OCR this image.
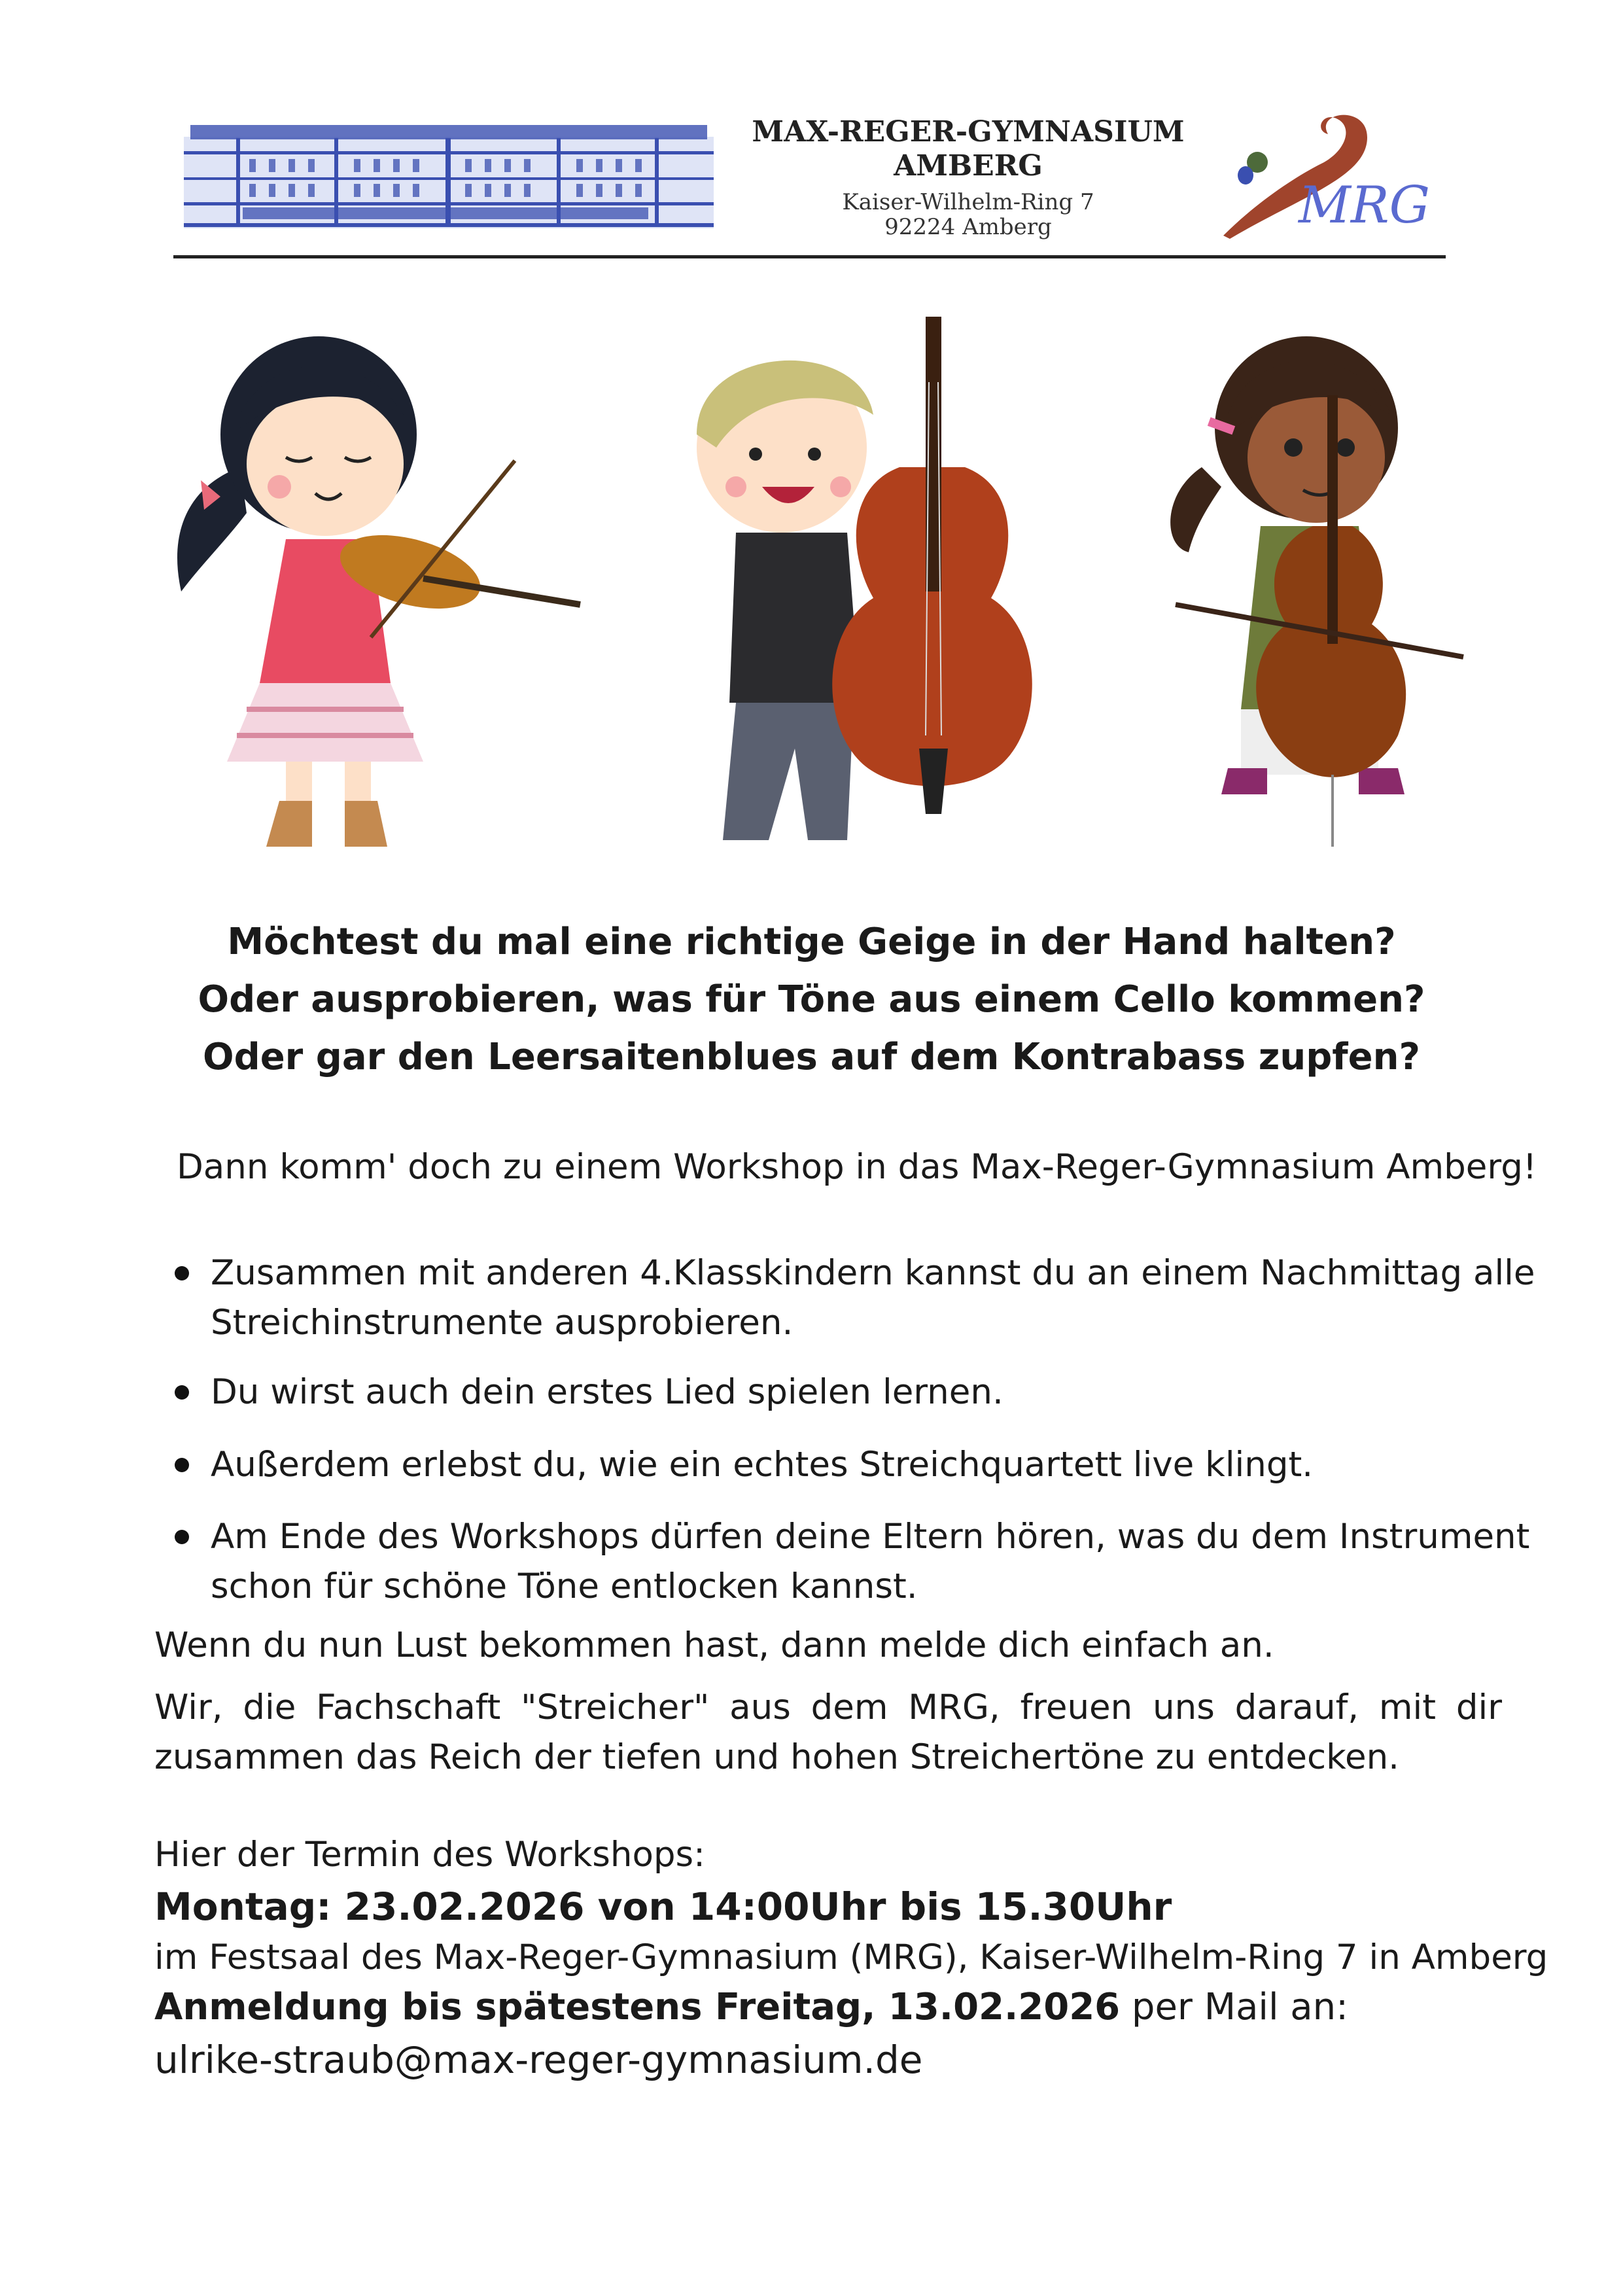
MAX-REGER-GYMNASIUM
AMBERG
Kaiser-Wilhelm-Ring 7
92224 Amberg	MRG
Möchtest du mal eine richtige Geige in der Hand halten?
Oder ausprobieren, was für Töne aus einem Cello kommen?
Oder gar den Leersaitenblues auf dem Kontrabass zupfen?
Dann komm' doch zu einem Workshop in das Max-Reger-Gymnasium Amberg!
Zusammen mit anderen 4.Klasskindern kannst du an einem Nachmittag alle
Streichinstrumente ausprobieren.
Du wirst auch dein erstes Lied spielen lernen.
Außerdem erlebst du, wie ein echtes Streichquartett live klingt.
Am Ende des Workshops dürfen deine Eltern hören, was du dem Instrument
schon für schöne Töne entlocken kannst.
Wenn du nun Lust bekommen hast, dann melde dich einfach an.
Wir, die Fachschaft "Streicher" aus dem MRG, freuen uns darauf, mit dir
zusammen das Reich der tiefen und hohen Streichertöne zu entdecken.
Hier der Termin des Workshops:
Montag: 23.02.2026 von 14:00Uhr bis 15.30Uhr
im Festsaal des Max-Reger-Gymnasium (MRG), Kaiser-Wilhelm-Ring 7 in Amberg
Anmeldung bis spätestens Freitag, 13.02.2026 per Mail an:
ulrike-straub@max-reger-gymnasium.de
